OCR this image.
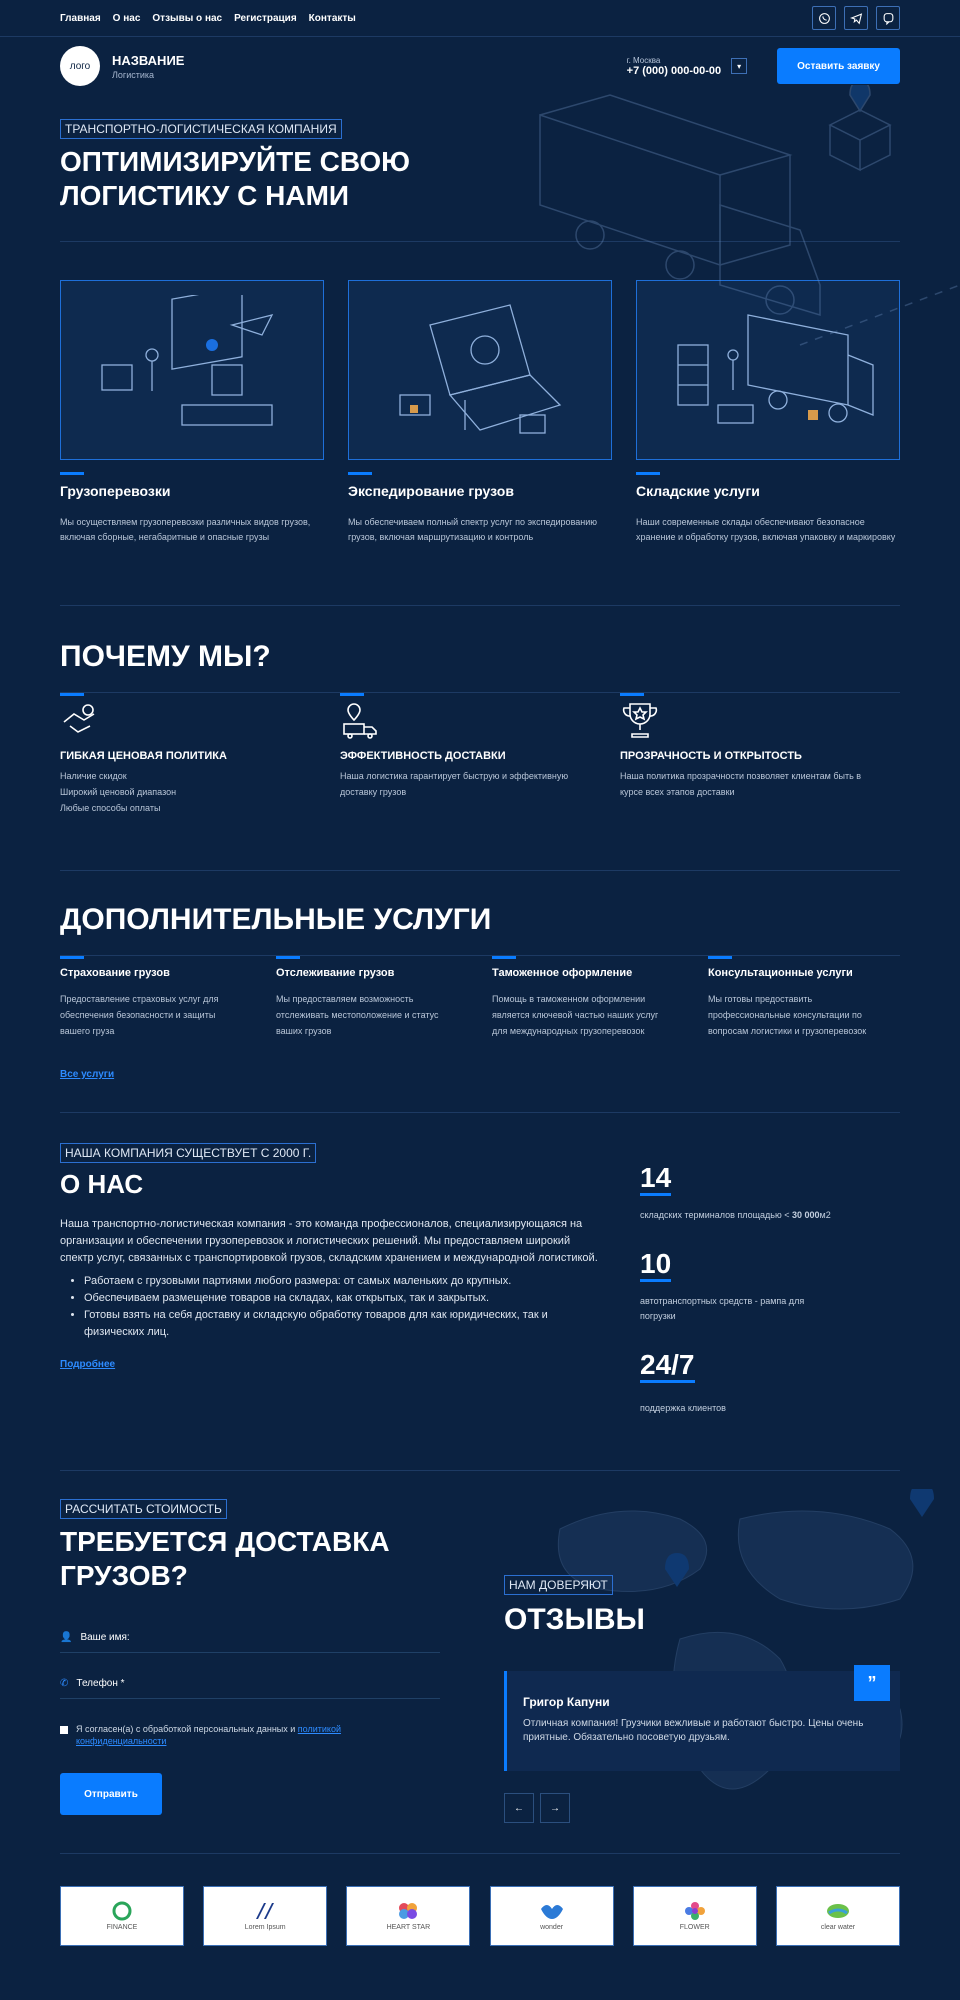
Главная О нас Отзывы о нас Регистрация Контакты
лого	НАЗВАНИЕ
Логистика
г. Москва
+7 (000) 000-00-00	▾	Оставить заявку
ТРАНСПОРТНО-ЛОГИСТИЧЕСКАЯ КОМПАНИЯ
ОПТИМИЗИРУЙТЕ СВОЮ ЛОГИСТИКУ С НАМИ
Грузоперевозки

Мы осуществляем грузоперевозки различных видов грузов, включая сборные, негабаритные и опасные грузы

Экспедирование грузов

Мы обеспечиваем полный спектр услуг по экспедированию грузов, включая маршрутизацию и контроль

Складские услуги

Наши современные склады обеспечивают безопасное хранение и обработку грузов, включая упаковку и маркировку

ПОЧЕМУ МЫ?
ГИБКАЯ ЦЕНОВАЯ ПОЛИТИКА

Наличие скидок
Широкий ценовой диапазон
Любые способы оплаты

ЭФФЕКТИВНОСТЬ ДОСТАВКИ

Наша логистика гарантирует быструю и эффективную доставку грузов

ПРОЗРАЧНОСТЬ И ОТКРЫТОСТЬ

Наша политика прозрачности позволяет клиентам быть в курсе всех этапов доставки

ДОПОЛНИТЕЛЬНЫЕ УСЛУГИ
Страхование грузов

Предоставление страховых услуг для обеспечения безопасности и защиты вашего груза

Отслеживание грузов

Мы предоставляем возможность отслеживать местоположение и статус ваших грузов

Таможенное оформление

Помощь в таможенном оформлении является ключевой частью наших услуг для международных грузоперевозок

Консультационные услуги

Мы готовы предоставить профессиональные консультации по вопросам логистики и грузоперевозок

Все услуги
НАША КОМПАНИЯ СУЩЕСТВУЕТ С 2000 Г.
О НАС

Наша транспортно-логистическая компания - это команда профессионалов, специализирующаяся на организации и обеспечении грузоперевозок и логистических решений. Мы предоставляем широкий спектр услуг, связанных с транспортировкой грузов, складским хранением и международной логистикой.

• Работаем с грузовыми партиями любого размера: от самых маленьких до крупных.
• Обеспечиваем размещение товаров на складах, как открытых, так и закрытых.
• Готовы взять на себя доставку и складскую обработку товаров для как юридических, так и физических лиц.
Подробнее
14
складских терминалов площадью < 30 000м2
10
автотранспортных средств - рампа для погрузки
24/7
поддержка клиентов
РАССЧИТАТЬ СТОИМОСТЬ
ТРЕБУЕТСЯ ДОСТАВКА ГРУЗОВ?
👤 Ваше имя:
✆ Телефон *
Я согласен(а) с обработкой персональных данных и политикой конфиденциальности
Отправить
НАМ ДОВЕРЯЮТ
ОТЗЫВЫ
”
Григор Капуни

Отличная компания! Грузчики вежливые и работают быстро. Цены очень приятные. Обязательно посоветую друзьям.

←	→
FINANCE	Lorem Ipsum	HEART STAR	wonder	FLOWER	clear water
